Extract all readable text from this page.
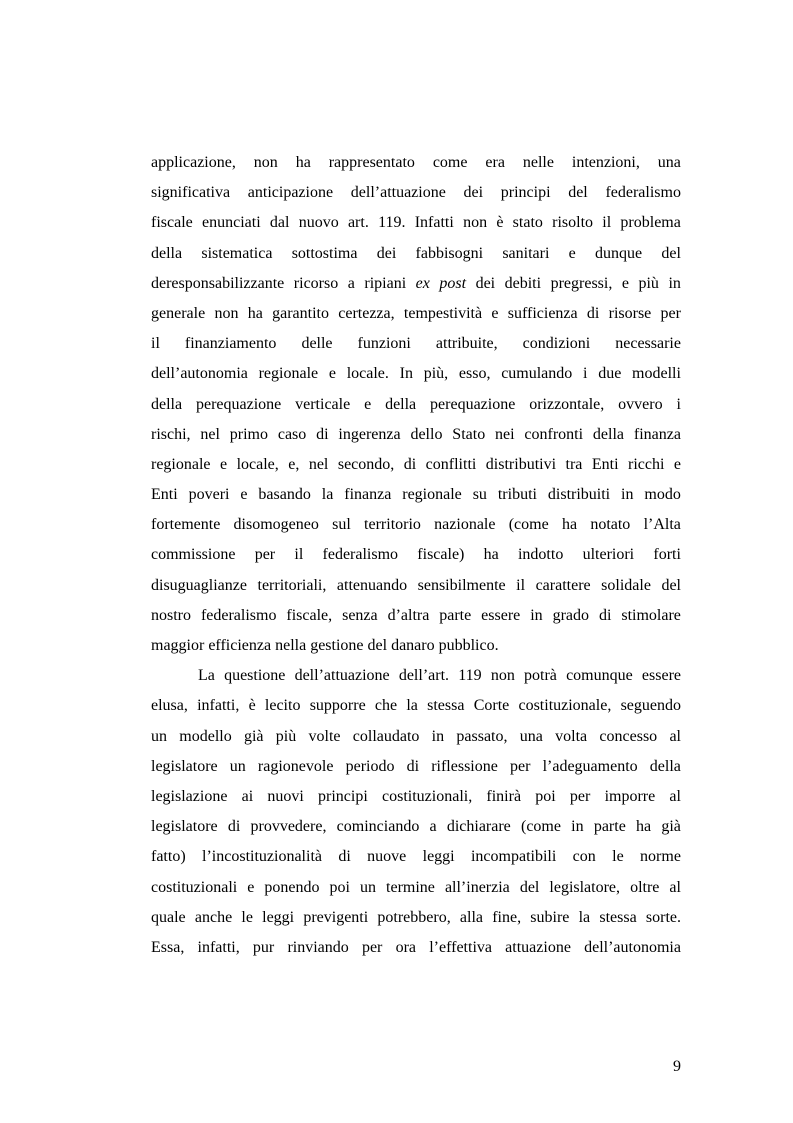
applicazione, non ha rappresentato come era nelle intenzioni, una
significativa anticipazione dell’attuazione dei principi del federalismo
fiscale enunciati dal nuovo art. 119. Infatti non è stato risolto il problema
della sistematica sottostima dei fabbisogni sanitari e dunque del
deresponsabilizzante ricorso a ripiani ex post dei debiti pregressi, e più in
generale non ha garantito certezza, tempestività e sufficienza di risorse per
il finanziamento delle funzioni attribuite, condizioni necessarie
dell’autonomia regionale e locale. In più, esso, cumulando i due modelli
della perequazione verticale e della perequazione orizzontale, ovvero i
rischi, nel primo caso di ingerenza dello Stato nei confronti della finanza
regionale e locale, e, nel secondo, di conflitti distributivi tra Enti ricchi e
Enti poveri e basando la finanza regionale su tributi distribuiti in modo
fortemente disomogeneo sul territorio nazionale (come ha notato l’Alta
commissione per il federalismo fiscale) ha indotto ulteriori forti
disuguaglianze territoriali, attenuando sensibilmente il carattere solidale del
nostro federalismo fiscale, senza d’altra parte essere in grado di stimolare
maggior efficienza nella gestione del danaro pubblico.
La questione dell’attuazione dell’art. 119 non potrà comunque essere
elusa, infatti, è lecito supporre che la stessa Corte costituzionale, seguendo
un modello già più volte collaudato in passato, una volta concesso al
legislatore un ragionevole periodo di riflessione per l’adeguamento della
legislazione ai nuovi principi costituzionali, finirà poi per imporre al
legislatore di provvedere, cominciando a dichiarare (come in parte ha già
fatto) l’incostituzionalità di nuove leggi incompatibili con le norme
costituzionali e ponendo poi un termine all’inerzia del legislatore, oltre al
quale anche le leggi previgenti potrebbero, alla fine, subire la stessa sorte.
Essa, infatti, pur rinviando per ora l’effettiva attuazione dell’autonomia
9
